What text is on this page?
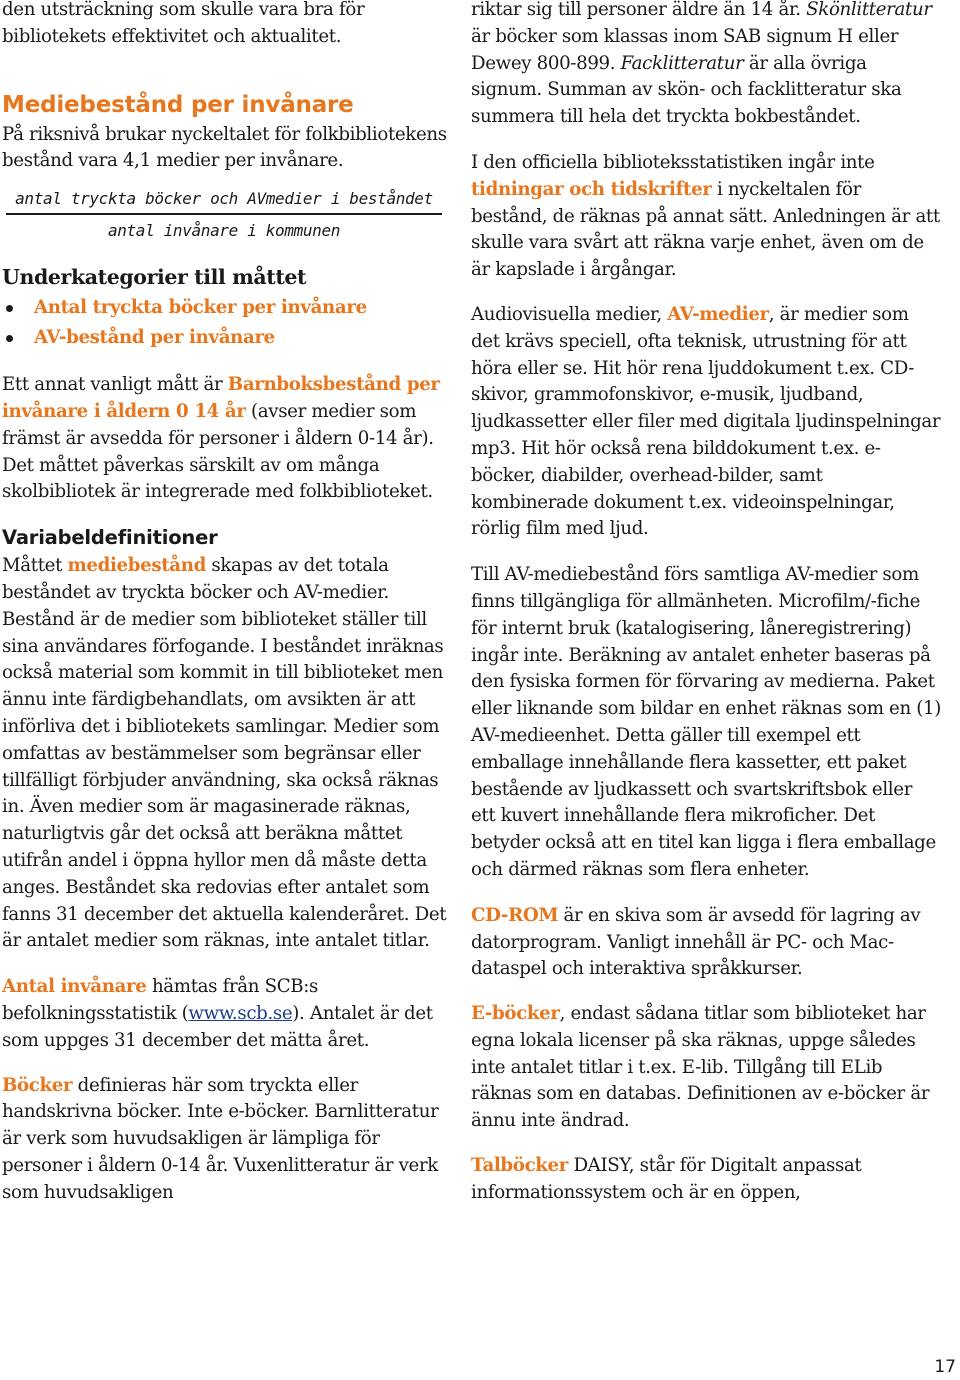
den utsträckning som skulle vara bra för bibliotekets effektivitet och aktualitet.

Mediebestånd per invånare

På riksnivå brukar nyckeltalet för folkbibliotekens bestånd vara 4,1 medier per invånare.

antal tryckta böcker och AVmedier i beståndet
antal invånare i kommunen
Underkategorier till måttet
Antal tryckta böcker per invånare
AV-bestånd per invånare

Ett annat vanligt mått är Barnboksbestånd per invånare i åldern 0 14 år (avser medier som främst är avsedda för personer i åldern 0-14 år). Det måttet påverkas särskilt av om många skolbibliotek är integrerade med folkbiblioteket.

Variabeldefinitioner

Måttet mediebestånd skapas av det totala beståndet av tryckta böcker och AV-medier. Bestånd är de medier som biblioteket ställer till sina användares förfogande. I beståndet inräknas också material som kommit in till biblioteket men ännu inte färdigbehandlats, om avsikten är att införliva det i bibliotekets samlingar. Medier som omfattas av bestämmelser som begränsar eller tillfälligt förbjuder användning, ska också räknas in. Även medier som är magasinerade räknas, naturligtvis går det också att beräkna måttet utifrån andel i öppna hyllor men då måste detta anges. Beståndet ska redovias efter antalet som fanns 31 december det aktuella kalenderåret. Det är antalet medier som räknas, inte antalet titlar.

Antal invånare hämtas från SCB:s befolkningsstatistik (www.scb.se). Antalet är det som uppges 31 december det mätta året.

Böcker definieras här som tryckta eller handskrivna böcker. Inte e-böcker. Barnlitteratur är verk som huvudsakligen är lämpliga för personer i åldern 0-14 år. Vuxenlitteratur är verk som huvudsakligen

riktar sig till personer äldre än 14 år. Skönlitteratur är böcker som klassas inom SAB signum H eller Dewey 800-899. Facklitteratur är alla övriga signum. Summan av skön- och facklitteratur ska summera till hela det tryckta bokbeståndet.

I den officiella biblioteksstatistiken ingår inte tidningar och tidskrifter i nyckeltalen för bestånd, de räknas på annat sätt. Anledningen är att skulle vara svårt att räkna varje enhet, även om de är kapslade i årgångar.

Audiovisuella medier, AV-medier, är medier som det krävs speciell, ofta teknisk, utrustning för att höra eller se. Hit hör rena ljuddokument t.ex. CD-skivor, grammofonskivor, e-musik, ljudband, ljudkassetter eller filer med digitala ljudinspelningar mp3. Hit hör också rena bilddokument t.ex. e-böcker, diabilder, overhead-bilder, samt kombinerade dokument t.ex. videoinspelningar, rörlig film med ljud.

Till AV-mediebestånd förs samtliga AV-medier som finns tillgängliga för allmänheten. Microfilm/-fiche för internt bruk (katalogisering, låneregistrering) ingår inte. Beräkning av antalet enheter baseras på den fysiska formen för förvaring av medierna. Paket eller liknande som bildar en enhet räknas som en (1) AV-medieenhet. Detta gäller till exempel ett emballage innehållande flera kassetter, ett paket bestående av ljudkassett och svartskriftsbok eller ett kuvert innehållande flera mikroficher. Det betyder också att en titel kan ligga i flera emballage och därmed räknas som flera enheter.

CD-ROM är en skiva som är avsedd för lagring av datorprogram. Vanligt innehåll är PC- och Mac-dataspel och interaktiva språkkurser.

E-böcker, endast sådana titlar som biblioteket har egna lokala licenser på ska räknas, uppge således inte antalet titlar i t.ex. E-lib. Tillgång till ELib räknas som en databas. Definitionen av e-böcker är ännu inte ändrad.

Talböcker DAISY, står för Digitalt anpassat informationssystem och är en öppen,

17
